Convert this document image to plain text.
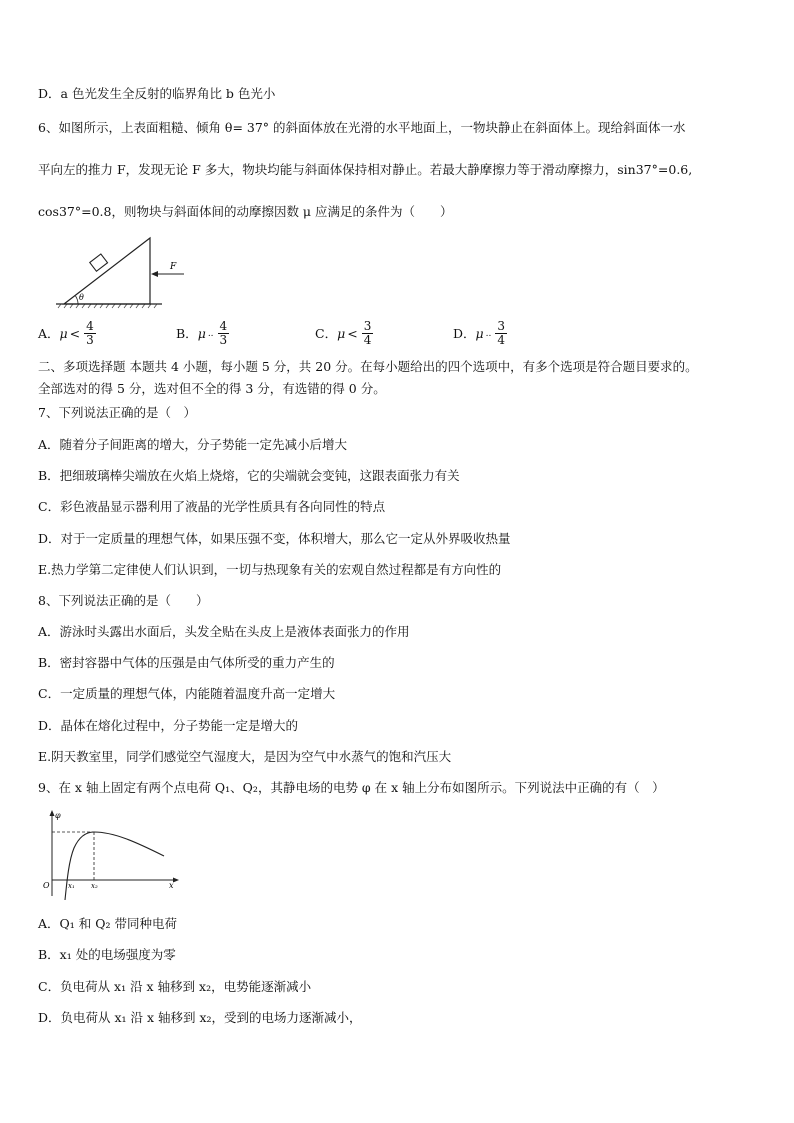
D．a 色光发生全反射的临界角比 b 色光小
6、如图所示，上表面粗糙、倾角 θ= 37° 的斜面体放在光滑的水平地面上，一物块静止在斜面体上。现给斜面体一水
平向左的推力 F，发现无论 F 多大，物块均能与斜面体保持相对静止。若最大静摩擦力等于滑动摩擦力，sin37°=0.6,
cos37°=0.8，则物块与斜面体间的动摩擦因数 μ 应满足的条件为（　　）
θ
F
A． $\mu < \frac{4}{3}$	B． μ .. $\frac{4}{3}$	C． $\mu < \frac{3}{4}$	D． μ .. $\frac{3}{4}$
二、多项选择题 本题共 4 小题，每小题 5 分，共 20 分。在每小题给出的四个选项中，有多个选项是符合题目要求的。
全部选对的得 5 分，选对但不全的得 3 分，有选错的得 0 分。
7、下列说法正确的是（　）
A．随着分子间距离的增大，分子势能一定先减小后增大
B．把细玻璃棒尖端放在火焰上烧熔，它的尖端就会变钝，这跟表面张力有关
C．彩色液晶显示器利用了液晶的光学性质具有各向同性的特点
D．对于一定质量的理想气体，如果压强不变，体积增大，那么它一定从外界吸收热量
E.热力学第二定律使人们认识到，一切与热现象有关的宏观自然过程都是有方向性的
8、下列说法正确的是（　　）
A．游泳时头露出水面后，头发全贴在头皮上是液体表面张力的作用
B．密封容器中气体的压强是由气体所受的重力产生的
C．一定质量的理想气体，内能随着温度升高一定增大
D．晶体在熔化过程中，分子势能一定是增大的
E.阴天教室里，同学们感觉空气湿度大，是因为空气中水蒸气的饱和汽压大
9、在 x 轴上固定有两个点电荷 Q₁、Q₂，其静电场的电势 φ 在 x 轴上分布如图所示。下列说法中正确的有（　）
φ
x
O	x₁ x₂
A．Q₁ 和 Q₂ 带同种电荷
B．x₁ 处的电场强度为零
C．负电荷从 x₁ 沿 x 轴移到 x₂，电势能逐渐减小
D．负电荷从 x₁ 沿 x 轴移到 x₂，受到的电场力逐渐减小，
